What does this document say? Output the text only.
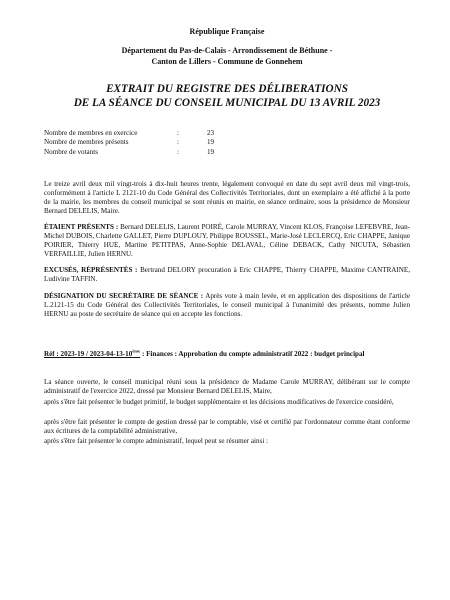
République Française
Département du Pas-de-Calais - Arrondissement de Béthune -
Canton de Lillers - Commune de Gonnehem
EXTRAIT DU REGISTRE DES DÉLIBERATIONS
DE LA SÉANCE DU CONSEIL MUNICIPAL DU 13 AVRIL 2023
Nombre de membres en exercice	:	23
Nombre de membres présents	:	19
Nombre de votants	:	19
Le treize avril deux mil vingt-trois à dix-huit heures trente, légalement convoqué en date du sept avril deux mil vingt-trois, conformément à l'article L 2121-10 du Code Général des Collectivités Territoriales, dont un exemplaire a été affiché à la porte de la mairie, les membres du conseil municipal se sont réunis en mairie, en séance ordinaire, sous la présidence de Monsieur Bernard DELELIS, Maire.
ÉTAIENT PRÉSENTS : Bernard DELELIS, Laurent POIRÉ, Carole MURRAY, Vincent KLOS, Françoise LEFEBVRE, Jean-Michel DUBOIS, Charlette GALLET, Pierre DUPLOUY, Philippe ROUSSEL, Marie-José LECLERCQ, Eric CHAPPE, Janique POIRIER, Thierry HUE, Martine PETITPAS, Anne-Sophie DELAVAL, Céline DEBACK, Cathy NICUTA, Sébastien VERFAILLIE, Julien HERNU.
EXCUSÉS, RÉPRÉSENTÉS : Bertrand DELORY procuration à Eric CHAPPE, Thierry CHAPPE, Maxime CANTRAINE, Ludivine TAFFIN.
DÉSIGNATION DU SECRÉTAIRE DE SÉANCE : Après vote à main levée, et en application des dispositions de l'article L.2121-15 du Code Général des Collectivités Territoriales, le conseil municipal à l'unanimité des présents, nomme Julien HERNU au poste de secrétaire de séance qui en accepte les fonctions.
Réf : 2023-19 / 2023-04-13-10ème : Finances : Approbation du compte administratif 2022 : budget principal
La séance ouverte, le conseil municipal réuni sous la présidence de Madame Carole MURRAY, délibérant sur le compte administratif de l'exercice 2022, dressé par Monsieur Bernard DELELIS, Maire,
après s'être fait présenter le budget primitif, le budget supplémentaire et les décisions modificatives de l'exercice considéré,
après s'être fait présenter le compte de gestion dressé par le comptable, visé et certifié par l'ordonnateur comme étant conforme aux écritures de la comptabilité administrative,
après s'être fait présenter le compte administratif, lequel peut se résumer ainsi :
